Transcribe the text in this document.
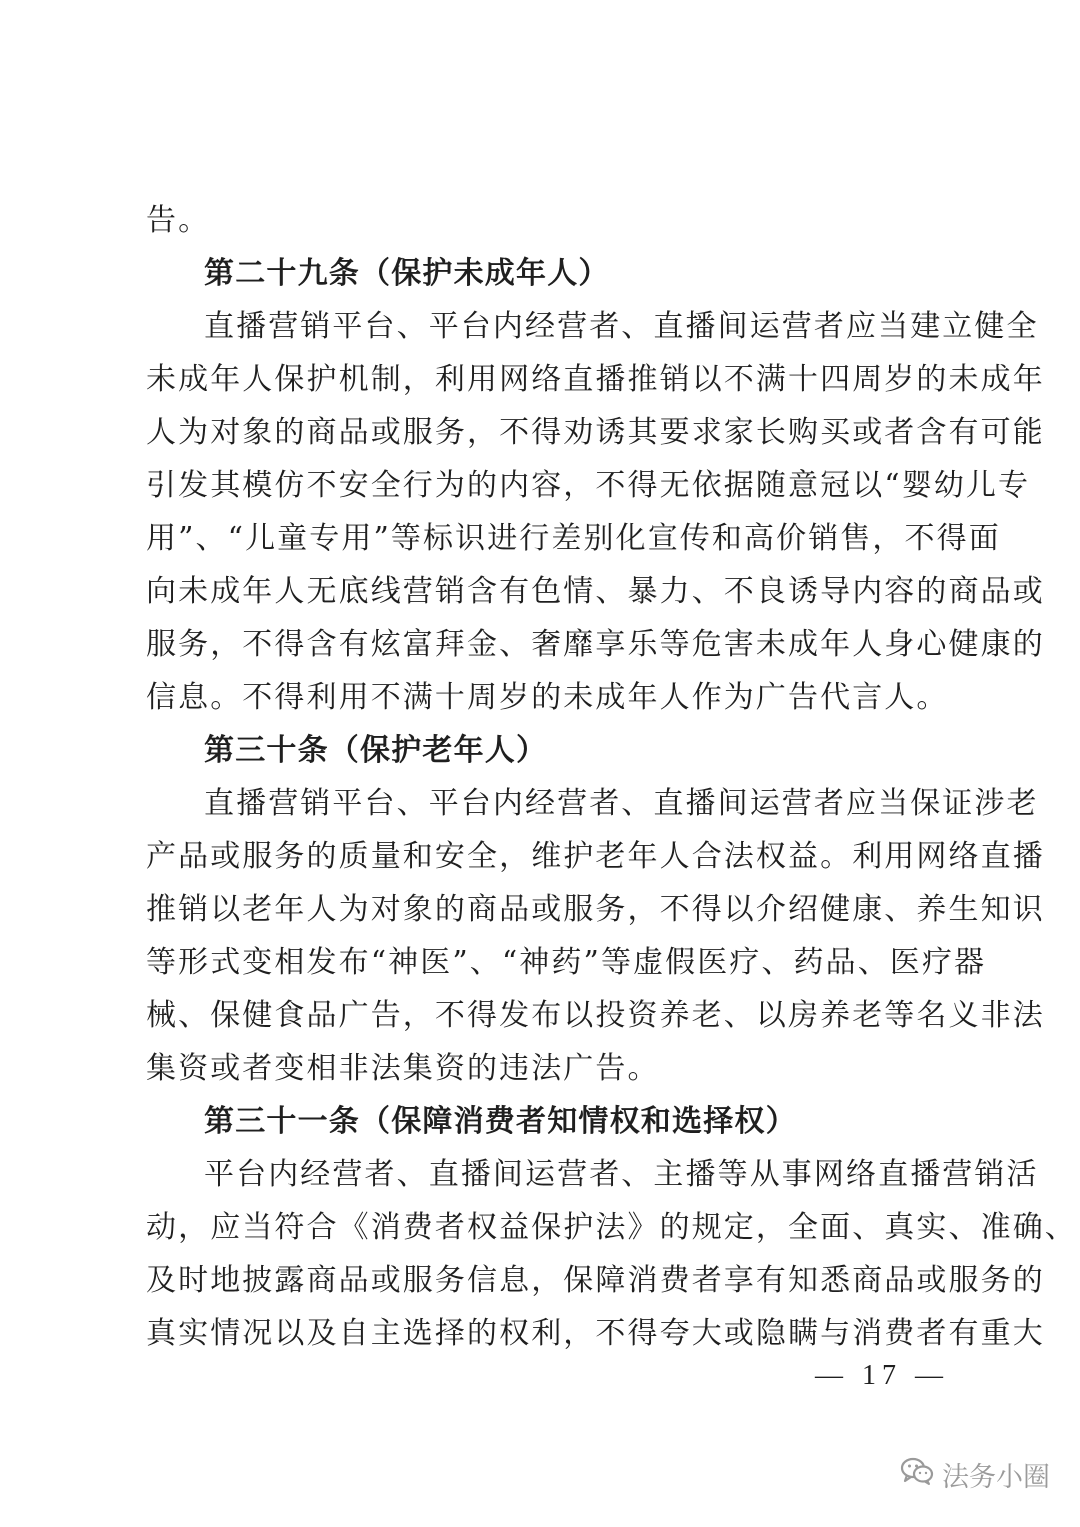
告。
第二十九条（保护未成年人）
直播营销平台、平台内经营者、直播间运营者应当建立健全
未成年人保护机制，利用网络直播推销以不满十四周岁的未成年
人为对象的商品或服务，不得劝诱其要求家长购买或者含有可能
引发其模仿不安全行为的内容，不得无依据随意冠以“婴幼儿专
用”、“儿童专用”等标识进行差别化宣传和高价销售，不得面
向未成年人无底线营销含有色情、暴力、不良诱导内容的商品或
服务，不得含有炫富拜金、奢靡享乐等危害未成年人身心健康的
信息。不得利用不满十周岁的未成年人作为广告代言人。
第三十条（保护老年人）
直播营销平台、平台内经营者、直播间运营者应当保证涉老
产品或服务的质量和安全，维护老年人合法权益。利用网络直播
推销以老年人为对象的商品或服务，不得以介绍健康、养生知识
等形式变相发布“神医”、“神药”等虚假医疗、药品、医疗器
械、保健食品广告，不得发布以投资养老、以房养老等名义非法
集资或者变相非法集资的违法广告。
第三十一条（保障消费者知情权和选择权）
平台内经营者、直播间运营者、主播等从事网络直播营销活
动，应当符合《消费者权益保护法》的规定，全面、真实、准确、
及时地披露商品或服务信息，保障消费者享有知悉商品或服务的
真实情况以及自主选择的权利，不得夸大或隐瞒与消费者有重大
— 17 —
法务小圈
